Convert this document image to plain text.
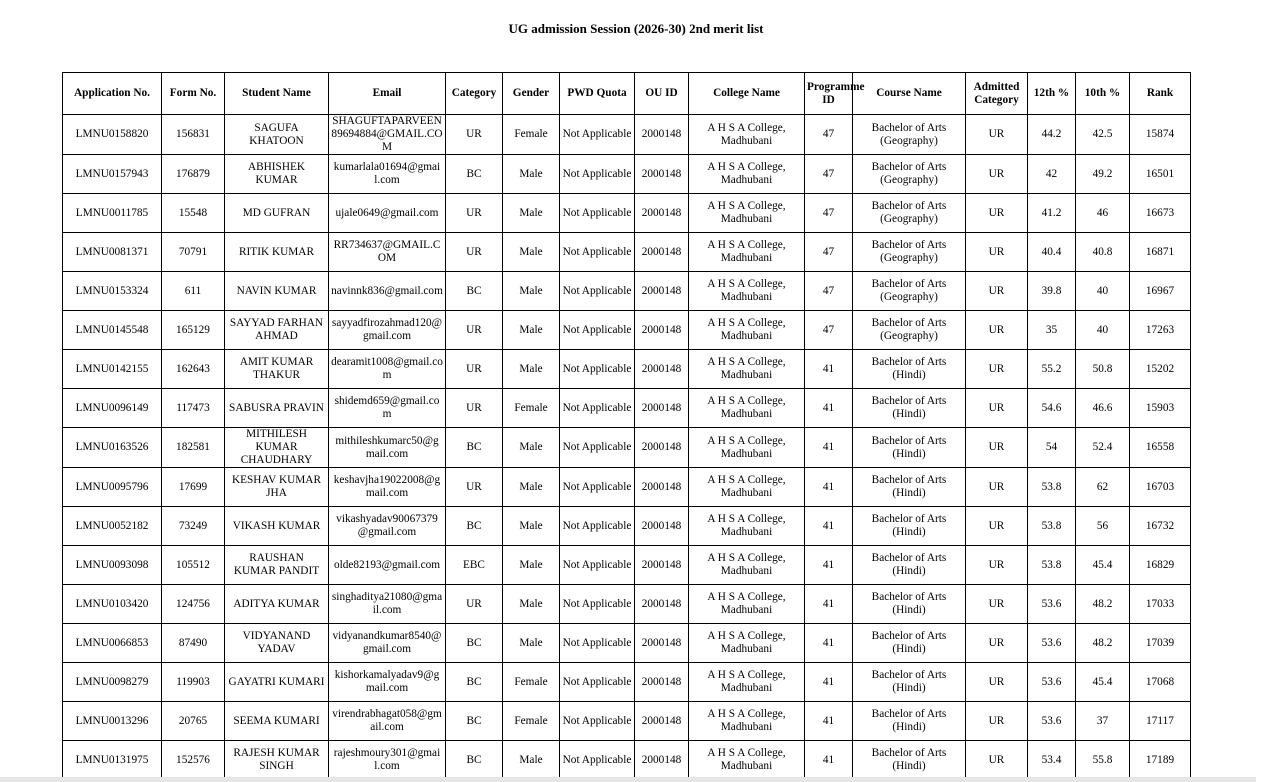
UG admission Session (2026-30) 2nd merit list
Application No.	Form No.	Student Name	Email	Category	Gender	PWD Quota	OU ID	College Name	Programme ID	Course Name	Admitted Category	12th %	10th %	Rank
LMNU0158820	156831	SAGUFA KHATOON	SHAGUFTAPARVEEN89694884@GMAIL.COM	UR	Female	Not Applicable	2000148	A H S A College, Madhubani	47	Bachelor of Arts (Geography)	UR	44.2	42.5	15874
LMNU0157943	176879	ABHISHEK KUMAR	kumarlala01694@gmail.com	BC	Male	Not Applicable	2000148	A H S A College, Madhubani	47	Bachelor of Arts (Geography)	UR	42	49.2	16501
LMNU0011785	15548	MD GUFRAN	ujale0649@gmail.com	UR	Male	Not Applicable	2000148	A H S A College, Madhubani	47	Bachelor of Arts (Geography)	UR	41.2	46	16673
LMNU0081371	70791	RITIK KUMAR	RR734637@GMAIL.COM	UR	Male	Not Applicable	2000148	A H S A College, Madhubani	47	Bachelor of Arts (Geography)	UR	40.4	40.8	16871
LMNU0153324	611	NAVIN KUMAR	navinnk836@gmail.com	BC	Male	Not Applicable	2000148	A H S A College, Madhubani	47	Bachelor of Arts (Geography)	UR	39.8	40	16967
LMNU0145548	165129	SAYYAD FARHAN AHMAD	sayyadfirozahmad120@gmail.com	UR	Male	Not Applicable	2000148	A H S A College, Madhubani	47	Bachelor of Arts (Geography)	UR	35	40	17263
LMNU0142155	162643	AMIT KUMAR THAKUR	dearamit1008@gmail.com	UR	Male	Not Applicable	2000148	A H S A College, Madhubani	41	Bachelor of Arts (Hindi)	UR	55.2	50.8	15202
LMNU0096149	117473	SABUSRA PRAVIN	shidemd659@gmail.com	UR	Female	Not Applicable	2000148	A H S A College, Madhubani	41	Bachelor of Arts (Hindi)	UR	54.6	46.6	15903
LMNU0163526	182581	MITHILESH KUMAR CHAUDHARY	mithileshkumarc50@gmail.com	BC	Male	Not Applicable	2000148	A H S A College, Madhubani	41	Bachelor of Arts (Hindi)	UR	54	52.4	16558
LMNU0095796	17699	KESHAV KUMAR JHA	keshavjha19022008@gmail.com	UR	Male	Not Applicable	2000148	A H S A College, Madhubani	41	Bachelor of Arts (Hindi)	UR	53.8	62	16703
LMNU0052182	73249	VIKASH KUMAR	vikashyadav90067379@gmail.com	BC	Male	Not Applicable	2000148	A H S A College, Madhubani	41	Bachelor of Arts (Hindi)	UR	53.8	56	16732
LMNU0093098	105512	RAUSHAN KUMAR PANDIT	olde82193@gmail.com	EBC	Male	Not Applicable	2000148	A H S A College, Madhubani	41	Bachelor of Arts (Hindi)	UR	53.8	45.4	16829
LMNU0103420	124756	ADITYA KUMAR	singhaditya21080@gmail.com	UR	Male	Not Applicable	2000148	A H S A College, Madhubani	41	Bachelor of Arts (Hindi)	UR	53.6	48.2	17033
LMNU0066853	87490	VIDYANAND YADAV	vidyanandkumar8540@gmail.com	BC	Male	Not Applicable	2000148	A H S A College, Madhubani	41	Bachelor of Arts (Hindi)	UR	53.6	48.2	17039
LMNU0098279	119903	GAYATRI KUMARI	kishorkamalyadav9@gmail.com	BC	Female	Not Applicable	2000148	A H S A College, Madhubani	41	Bachelor of Arts (Hindi)	UR	53.6	45.4	17068
LMNU0013296	20765	SEEMA KUMARI	virendrabhagat058@gmail.com	BC	Female	Not Applicable	2000148	A H S A College, Madhubani	41	Bachelor of Arts (Hindi)	UR	53.6	37	17117
LMNU0131975	152576	RAJESH KUMAR SINGH	rajeshmoury301@gmail.com	BC	Male	Not Applicable	2000148	A H S A College, Madhubani	41	Bachelor of Arts (Hindi)	UR	53.4	55.8	17189
